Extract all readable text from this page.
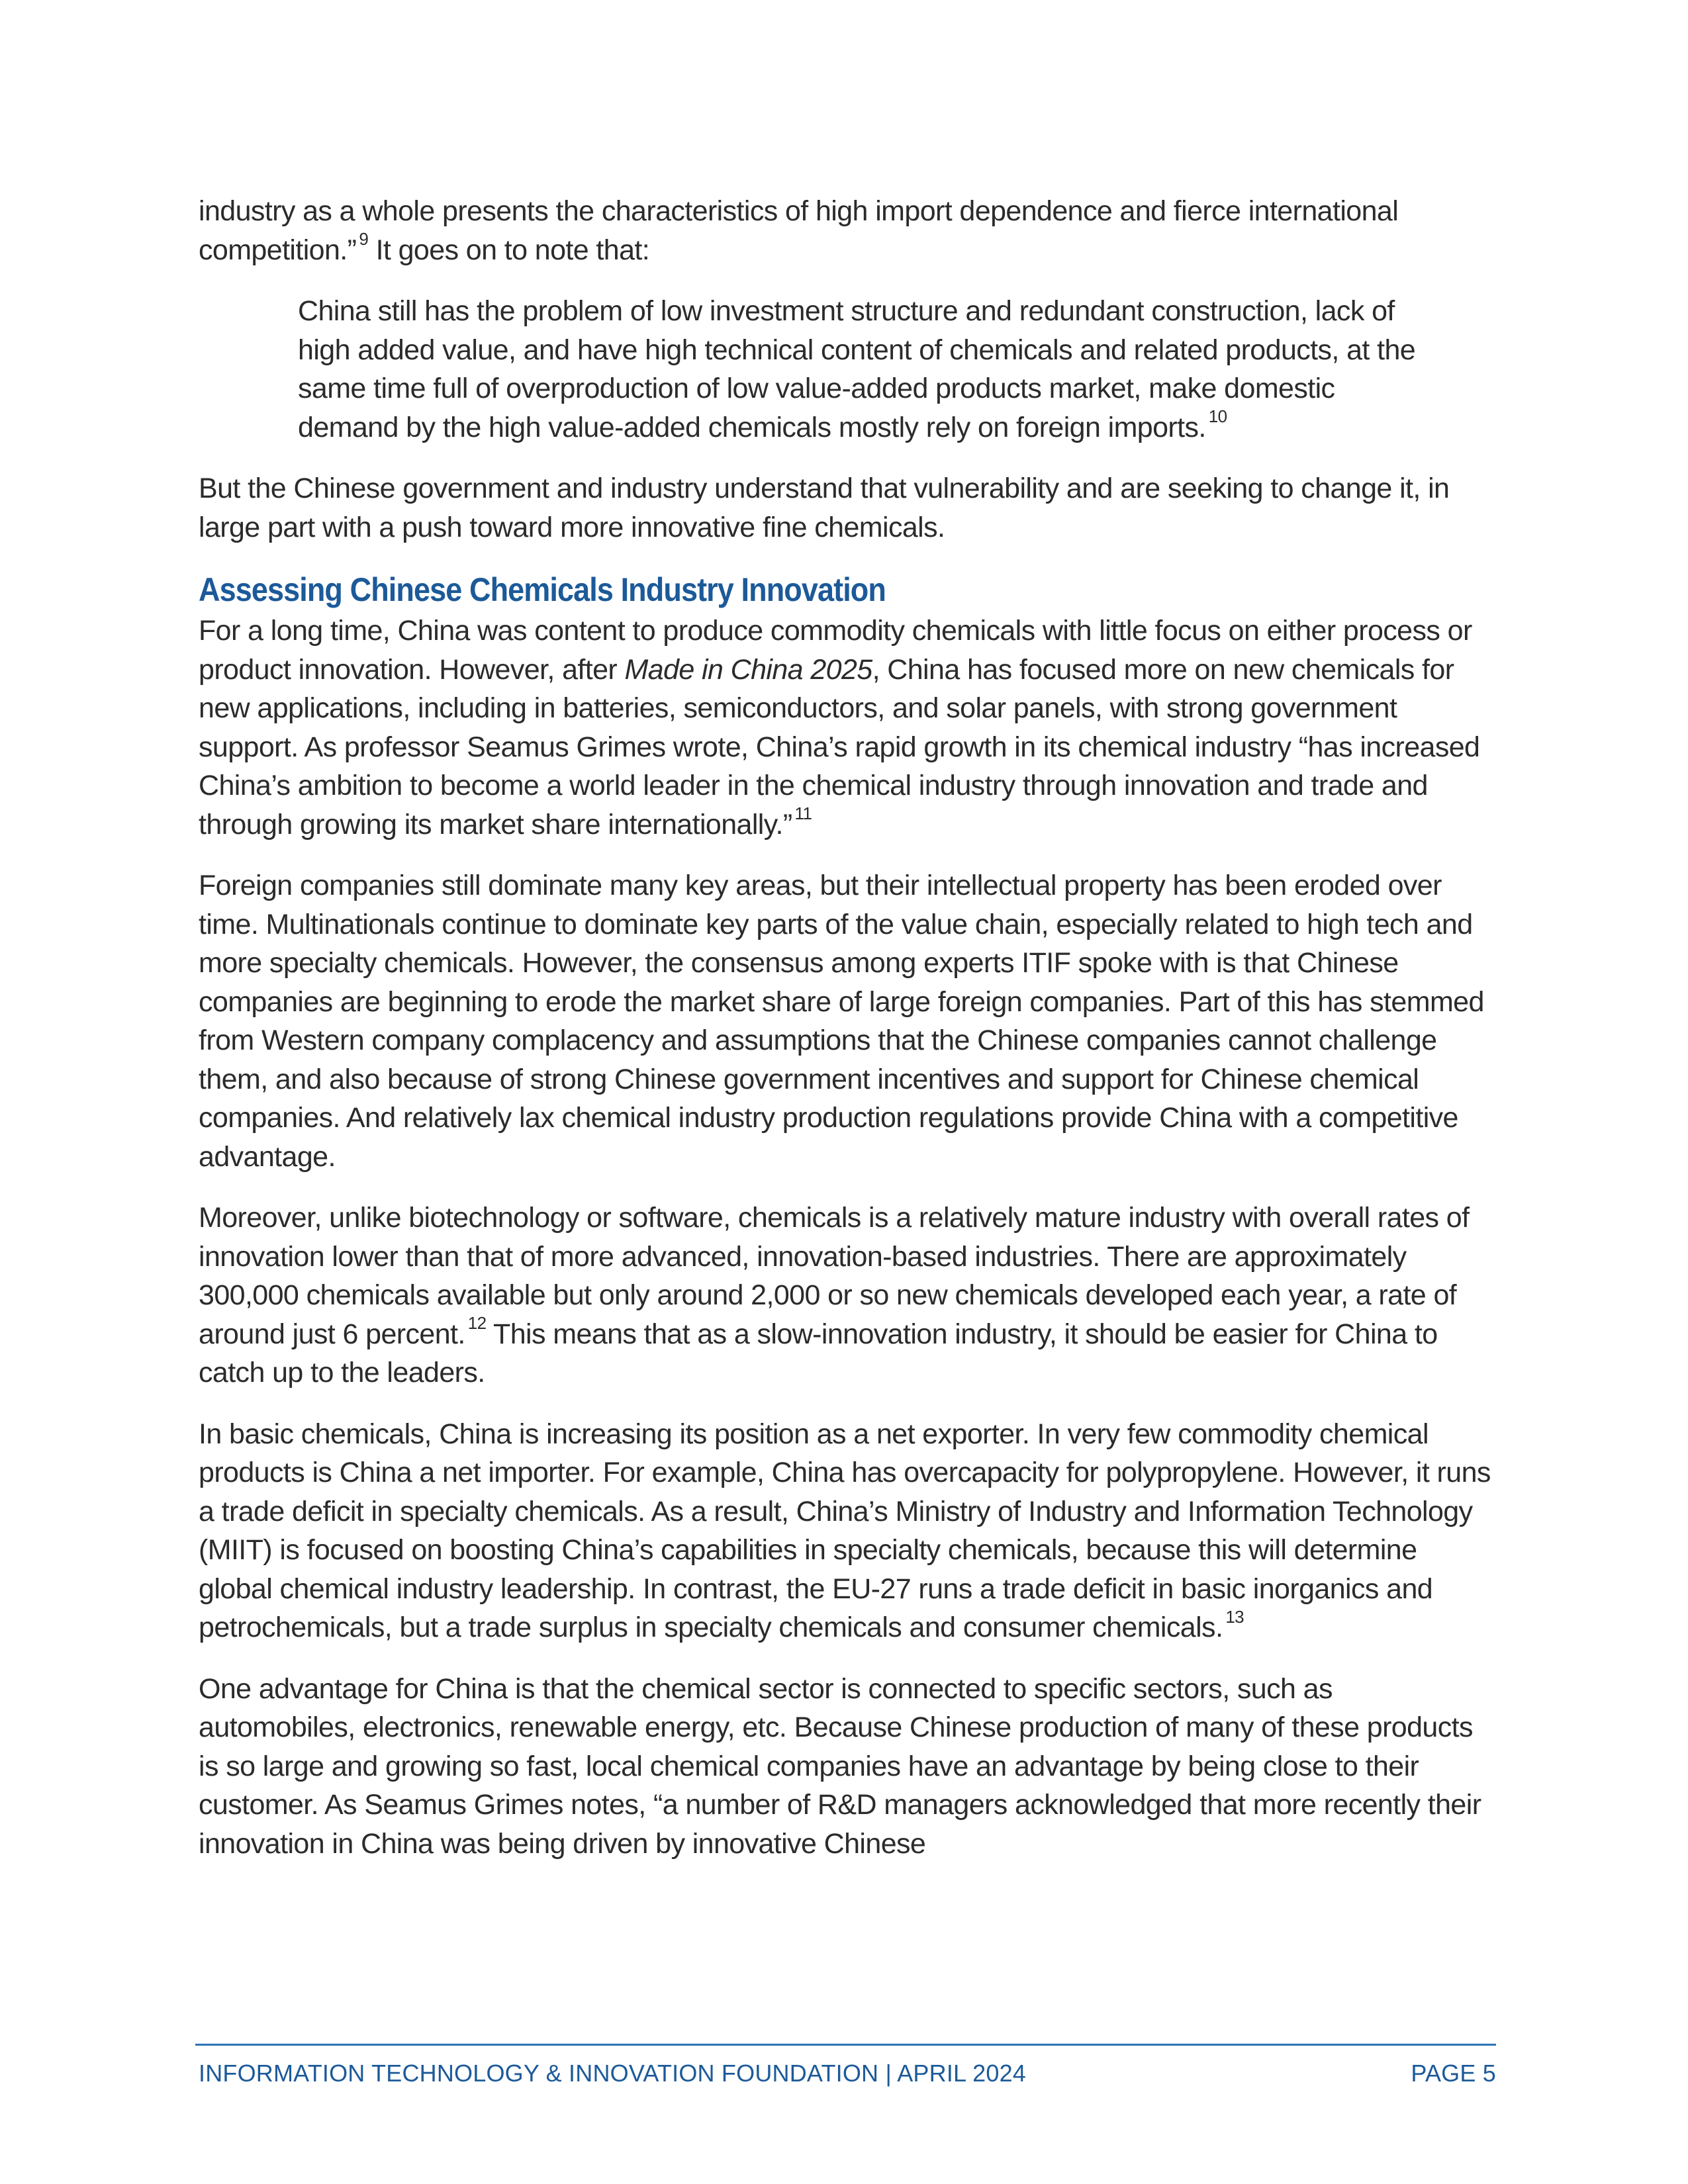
industry as a whole presents the characteristics of high import dependence and fierce international competition.” $^9$ It goes on to note that:

China still has the problem of low investment structure and redundant construction, lack of high added value, and have high technical content of chemicals and related products, at the same time full of overproduction of low value-added products market, make domestic demand by the high value-added chemicals mostly rely on foreign imports. $^{10}$

But the Chinese government and industry understand that vulnerability and are seeking to change it, in large part with a push toward more innovative fine chemicals.

Assessing Chinese Chemicals Industry Innovation

For a long time, China was content to produce commodity chemicals with little focus on either process or product innovation. However, after Made in China 2025, China has focused more on new chemicals for new applications, including in batteries, semiconductors, and solar panels, with strong government support. As professor Seamus Grimes wrote, China’s rapid growth in its chemical industry “has increased China’s ambition to become a world leader in the chemical industry through innovation and trade and through growing its market share internationally.” $^{11}$

Foreign companies still dominate many key areas, but their intellectual property has been eroded over time. Multinationals continue to dominate key parts of the value chain, especially related to high tech and more specialty chemicals. However, the consensus among experts ITIF spoke with is that Chinese companies are beginning to erode the market share of large foreign companies. Part of this has stemmed from Western company complacency and assumptions that the Chinese companies cannot challenge them, and also because of strong Chinese government incentives and support for Chinese chemical companies. And relatively lax chemical industry production regulations provide China with a competitive advantage.

Moreover, unlike biotechnology or software, chemicals is a relatively mature industry with overall rates of innovation lower than that of more advanced, innovation-based industries. There are approximately 300,000 chemicals available but only around 2,000 or so new chemicals developed each year, a rate of around just 6 percent. $^{12}$ This means that as a slow-innovation industry, it should be easier for China to catch up to the leaders.

In basic chemicals, China is increasing its position as a net exporter. In very few commodity chemical products is China a net importer. For example, China has overcapacity for polypropylene. However, it runs a trade deficit in specialty chemicals. As a result, China’s Ministry of Industry and Information Technology (MIIT) is focused on boosting China’s capabilities in specialty chemicals, because this will determine global chemical industry leadership. In contrast, the EU-27 runs a trade deficit in basic inorganics and petrochemicals, but a trade surplus in specialty chemicals and consumer chemicals. $^{13}$

One advantage for China is that the chemical sector is connected to specific sectors, such as automobiles, electronics, renewable energy, etc. Because Chinese production of many of these products is so large and growing so fast, local chemical companies have an advantage by being close to their customer. As Seamus Grimes notes, “a number of R&D managers acknowledged that more recently their innovation in China was being driven by innovative Chinese

INFORMATION TECHNOLOGY & INNOVATION FOUNDATION | APRIL 2024	PAGE 5
